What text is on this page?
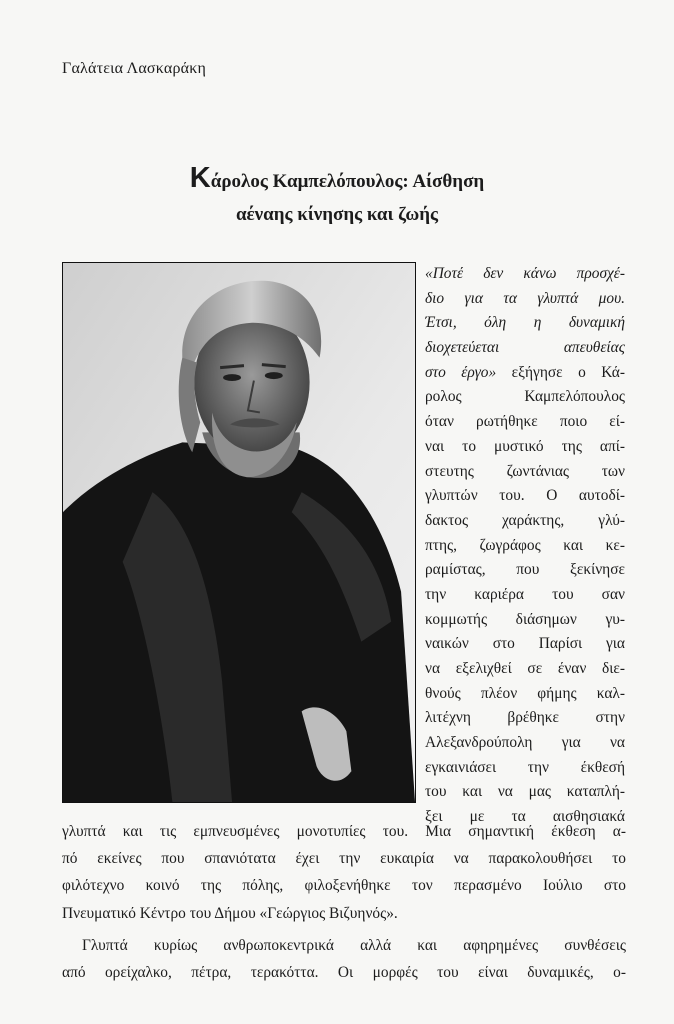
Γαλάτεια Λασκαράκη
Κάρολος Καμπελόπουλος: Αίσθηση
αέναης κίνησης και ζωής
«Ποτέ δεν κάνω προσχέ-
διο για τα γλυπτά μου.
Έτσι, όλη η δυναμική
διοχετεύεται απευθείας
στο έργο» εξήγησε ο Κά-
ρολος Καμπελόπουλος
όταν ρωτήθηκε ποιο εί-
ναι το μυστικό της απί-
στευτης ζωντάνιας των
γλυπτών του. Ο αυτοδί-
δακτος χαράκτης, γλύ-
πτης, ζωγράφος και κε-
ραμίστας, που ξεκίνησε
την καριέρα του σαν
κομμωτής διάσημων γυ-
ναικών στο Παρίσι για
να εξελιχθεί σε έναν διε-
θνούς πλέον φήμης καλ-
λιτέχνη βρέθηκε στην
Αλεξανδρούπολη για να
εγκαινιάσει την έκθεσή
του και να μας καταπλή-
ξει με τα αισθησιακά
γλυπτά και τις εμπνευσμένες μονοτυπίες του. Μια σημαντική έκθεση α-
πό εκείνες που σπανιότατα έχει την ευκαιρία να παρακολουθήσει το
φιλότεχνο κοινό της πόλης, φιλοξενήθηκε τον περασμένο Ιούλιο στο
Πνευματικό Κέντρο του Δήμου «Γεώργιος Βιζυηνός».
Γλυπτά κυρίως ανθρωποκεντρικά αλλά και αφηρημένες συνθέσεις
από ορείχαλκο, πέτρα, τερακόττα. Οι μορφές του είναι δυναμικές, ο-
